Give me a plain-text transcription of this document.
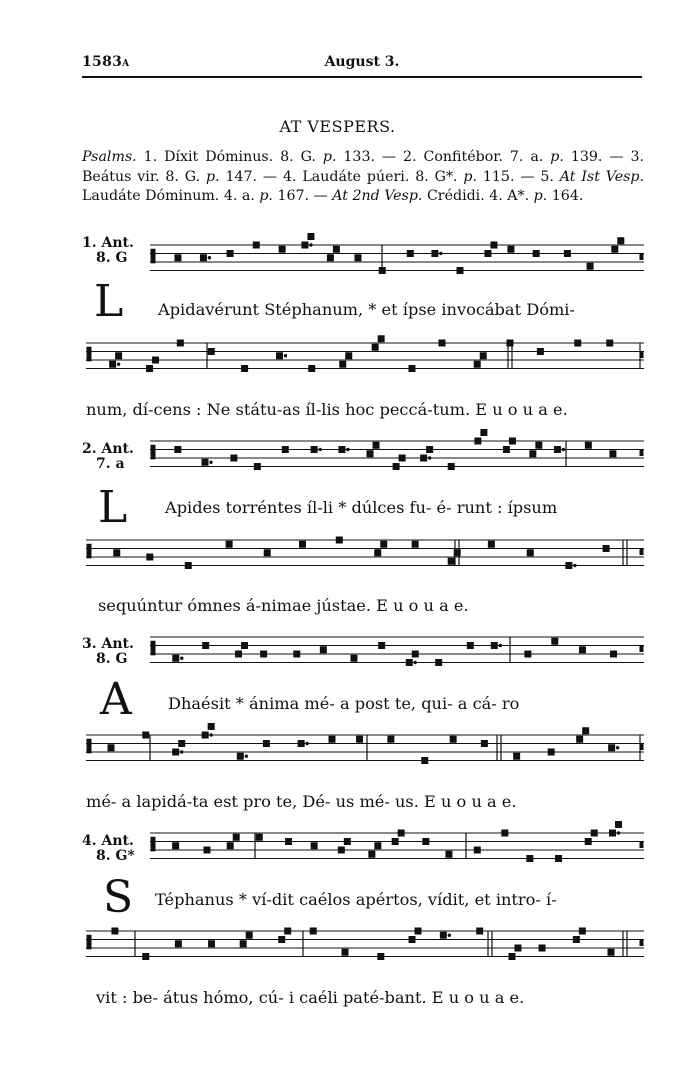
1583A	August 3.
AT VESPERS.
Psalms. 1. Díxit Dóminus. 8. G. p. 133. — 2. Confitébor. 7. a. p. 139. — 3. Beátus vir. 8. G. p. 147. — 4. Laudáte púeri. 8. G*. p. 115. — 5. At Ist Vesp. Laudáte Dóminum. 4. a. p. 167. — At 2nd Vesp. Crédidi. 4. A*. p. 164.
1. Ant.
8. G
L Apidavérunt Stéphanum, * et ípse invocábat Dómi-
num, dí-cens : Ne státu-as íl-lis hoc peccá-tum. E u o u a e.
2. Ant.
7. a
L Apides torréntes íl-li * dúlces fu- é- runt : ípsum
sequúntur ómnes á-nimae jústae. E u o u a e.
3. Ant.
8. G
A Dhaésit * ánima mé- a post te, qui- a cá- ro
mé- a lapidá-ta est pro te, Dé- us mé- us. E u o u a e.
4. Ant.
8. G*
S Téphanus * ví-dit caélos apértos, vídit, et intro- í-
vit : be- átus hómo, cú- i caéli paté-bant. E u o u a e.
